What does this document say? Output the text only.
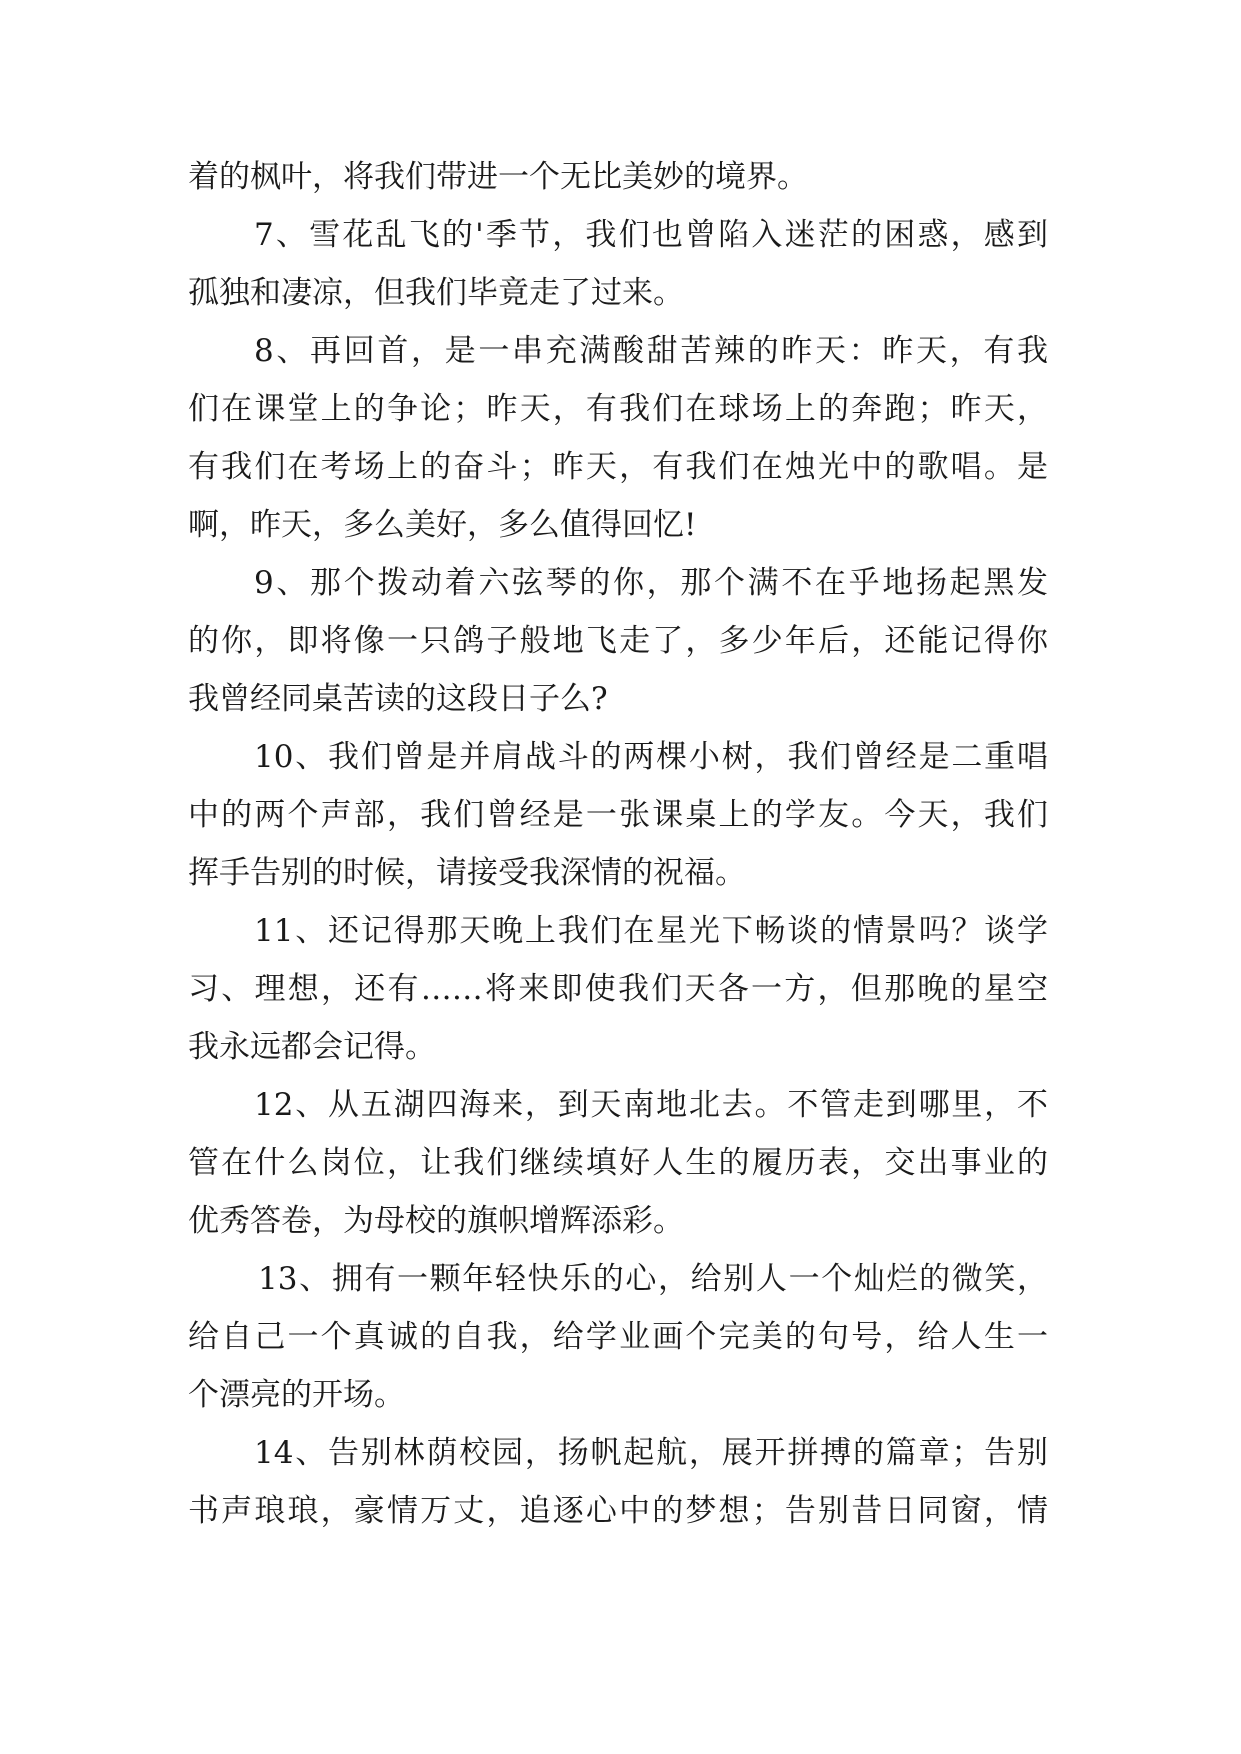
着的枫叶，将我们带进一个无比美妙的境界。
7、雪花乱飞的'季节，我们也曾陷入迷茫的困惑，感到
孤独和凄凉，但我们毕竟走了过来。
8、再回首，是一串充满酸甜苦辣的昨天：昨天，有我
们在课堂上的争论；昨天，有我们在球场上的奔跑；昨天，
有我们在考场上的奋斗；昨天，有我们在烛光中的歌唱。是
啊，昨天，多么美好，多么值得回忆!
9、那个拨动着六弦琴的你，那个满不在乎地扬起黑发
的你，即将像一只鸽子般地飞走了，多少年后，还能记得你
我曾经同桌苦读的这段日子么?
10、我们曾是并肩战斗的两棵小树，我们曾经是二重唱
中的两个声部，我们曾经是一张课桌上的学友。今天，我们
挥手告别的时候，请接受我深情的祝福。
11、还记得那天晚上我们在星光下畅谈的情景吗？谈学
习、理想，还有……将来即使我们天各一方，但那晚的星空
我永远都会记得。
12、从五湖四海来，到天南地北去。不管走到哪里，不
管在什么岗位，让我们继续填好人生的履历表，交出事业的
优秀答卷，为母校的旗帜增辉添彩。
13、拥有一颗年轻快乐的心，给别人一个灿烂的微笑，
给自己一个真诚的自我，给学业画个完美的句号，给人生一
个漂亮的开场。
14、告别林荫校园，扬帆起航，展开拼搏的篇章；告别
书声琅琅，豪情万丈，追逐心中的梦想；告别昔日同窗，情
